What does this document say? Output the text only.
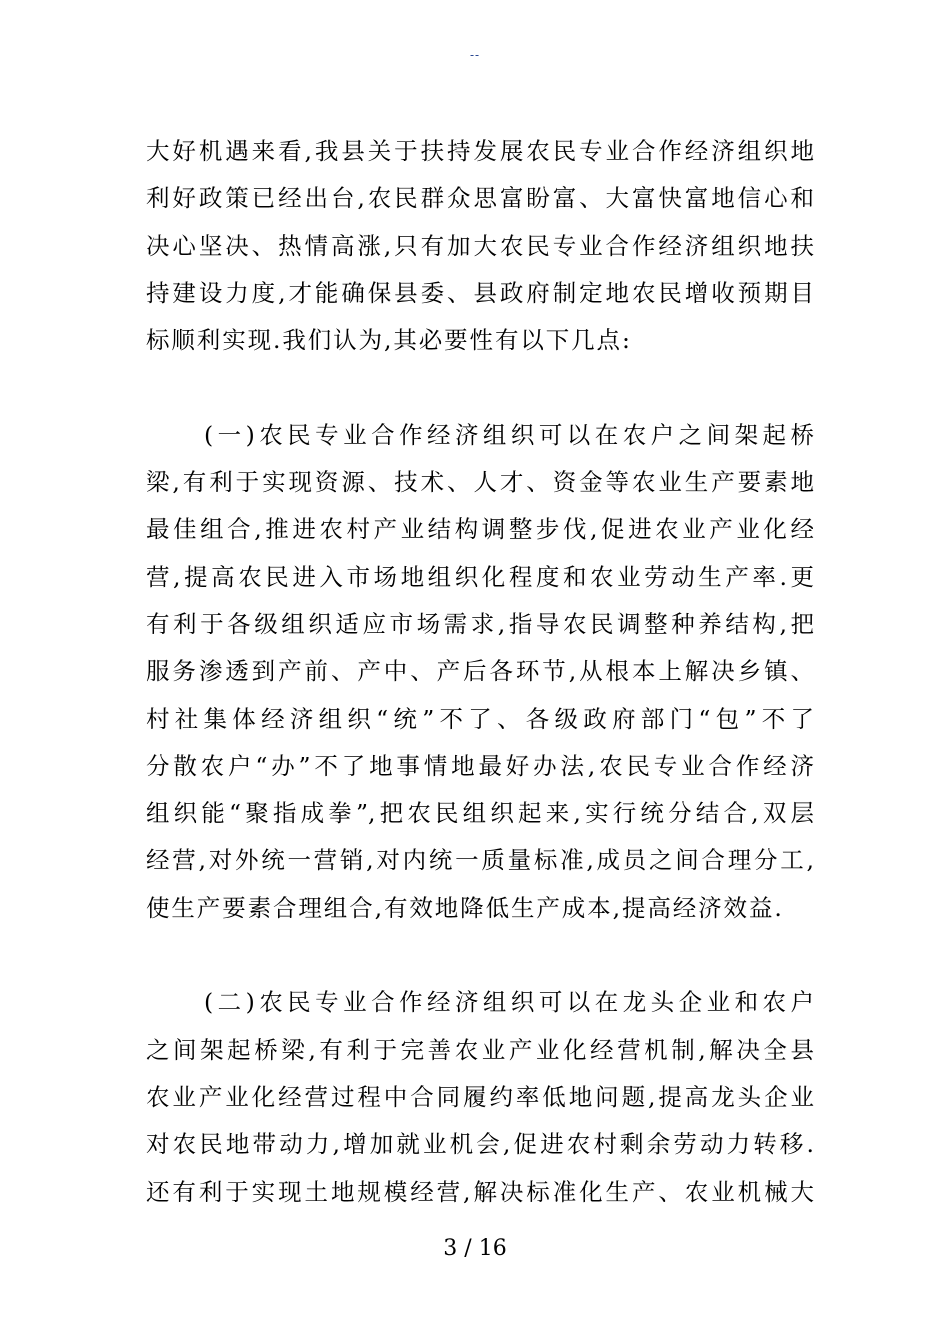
--
大好机遇来看,我县关于扶持发展农民专业合作经济组织地
利好政策已经出台,农民群众思富盼富、大富快富地信心和
决心坚决、热情高涨,只有加大农民专业合作经济组织地扶
持建设力度,才能确保县委、县政府制定地农民增收预期目
标顺利实现.我们认为,其必要性有以下几点:
(一)农民专业合作经济组织可以在农户之间架起桥
梁,有利于实现资源、技术、人才、资金等农业生产要素地
最佳组合,推进农村产业结构调整步伐,促进农业产业化经
营,提高农民进入市场地组织化程度和农业劳动生产率.更
有利于各级组织适应市场需求,指导农民调整种养结构,把
服务渗透到产前、产中、产后各环节,从根本上解决乡镇、
村社集体经济组织“统”不了、各级政府部门“包”不了
分散农户“办”不了地事情地最好办法,农民专业合作经济
组织能“聚指成拳”,把农民组织起来,实行统分结合,双层
经营,对外统一营销,对内统一质量标准,成员之间合理分工,
使生产要素合理组合,有效地降低生产成本,提高经济效益.
(二)农民专业合作经济组织可以在龙头企业和农户
之间架起桥梁,有利于完善农业产业化经营机制,解决全县
农业产业化经营过程中合同履约率低地问题,提高龙头企业
对农民地带动力,增加就业机会,促进农村剩余劳动力转移.
还有利于实现土地规模经营,解决标准化生产、农业机械大
3 / 16
